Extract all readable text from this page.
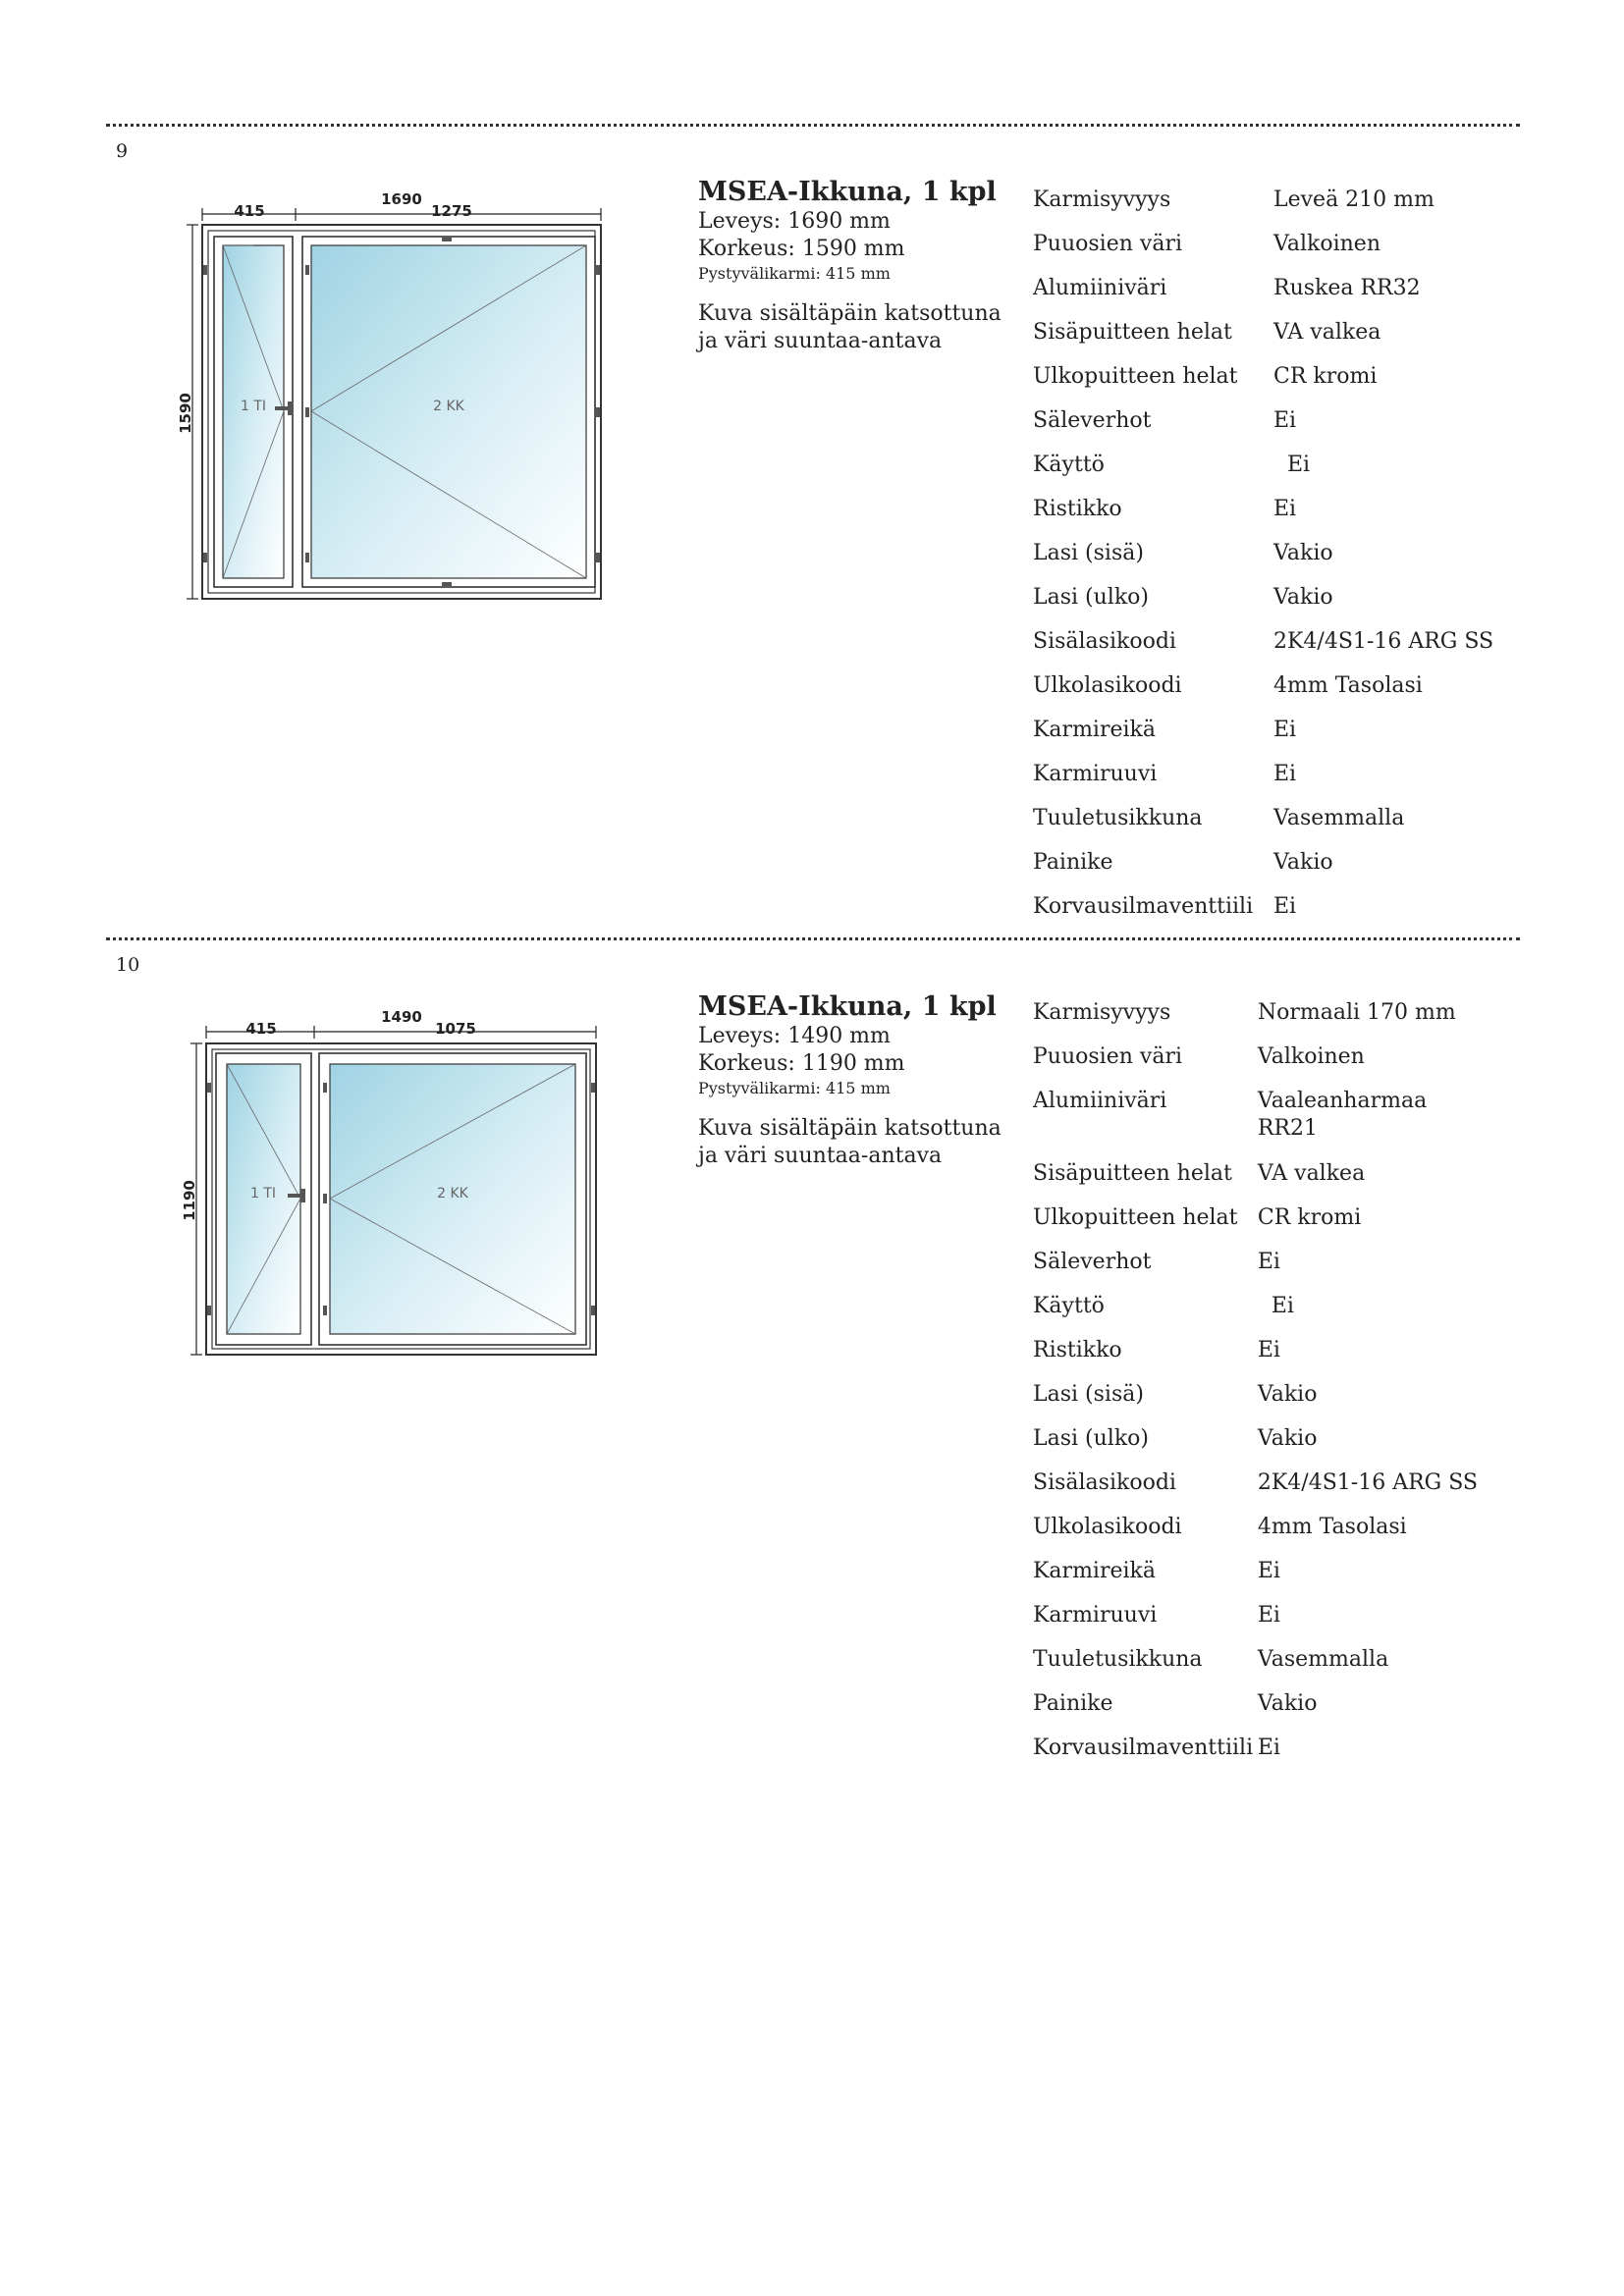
9
1690
415	1275
1590	1 TI	2 KK
MSEA-Ikkuna, 1 kpl
Leveys: 1690 mm
Korkeus: 1590 mm
Pystyvälikarmi: 415 mm
Kuva sisältäpäin katsottuna
ja väri suuntaa-antava
Karmisyvyys	Leveä 210 mm
Puuosien väri	Valkoinen
Alumiiniväri	Ruskea RR32
Sisäpuitteen helat	VA valkea
Ulkopuitteen helat	CR kromi
Säleverhot	Ei
Käyttö	Ei
Ristikko	Ei
Lasi (sisä)	Vakio
Lasi (ulko)	Vakio
Sisälasikoodi	2K4/4S1-16 ARG SS
Ulkolasikoodi	4mm Tasolasi
Karmireikä	Ei
Karmiruuvi	Ei
Tuuletusikkuna	Vasemmalla
Painike	Vakio
Korvausilmaventtiili	Ei
10
1490
415	1075
1190	1 TI	2 KK
MSEA-Ikkuna, 1 kpl
Leveys: 1490 mm
Korkeus: 1190 mm
Pystyvälikarmi: 415 mm
Kuva sisältäpäin katsottuna
ja väri suuntaa-antava
Karmisyvyys	Normaali 170 mm
Puuosien väri	Valkoinen
Alumiiniväri	Vaaleanharmaa RR21
Sisäpuitteen helat	VA valkea
Ulkopuitteen helat	CR kromi
Säleverhot	Ei
Käyttö	Ei
Ristikko	Ei
Lasi (sisä)	Vakio
Lasi (ulko)	Vakio
Sisälasikoodi	2K4/4S1-16 ARG SS
Ulkolasikoodi	4mm Tasolasi
Karmireikä	Ei
Karmiruuvi	Ei
Tuuletusikkuna	Vasemmalla
Painike	Vakio
Korvausilmaventtiili	Ei
